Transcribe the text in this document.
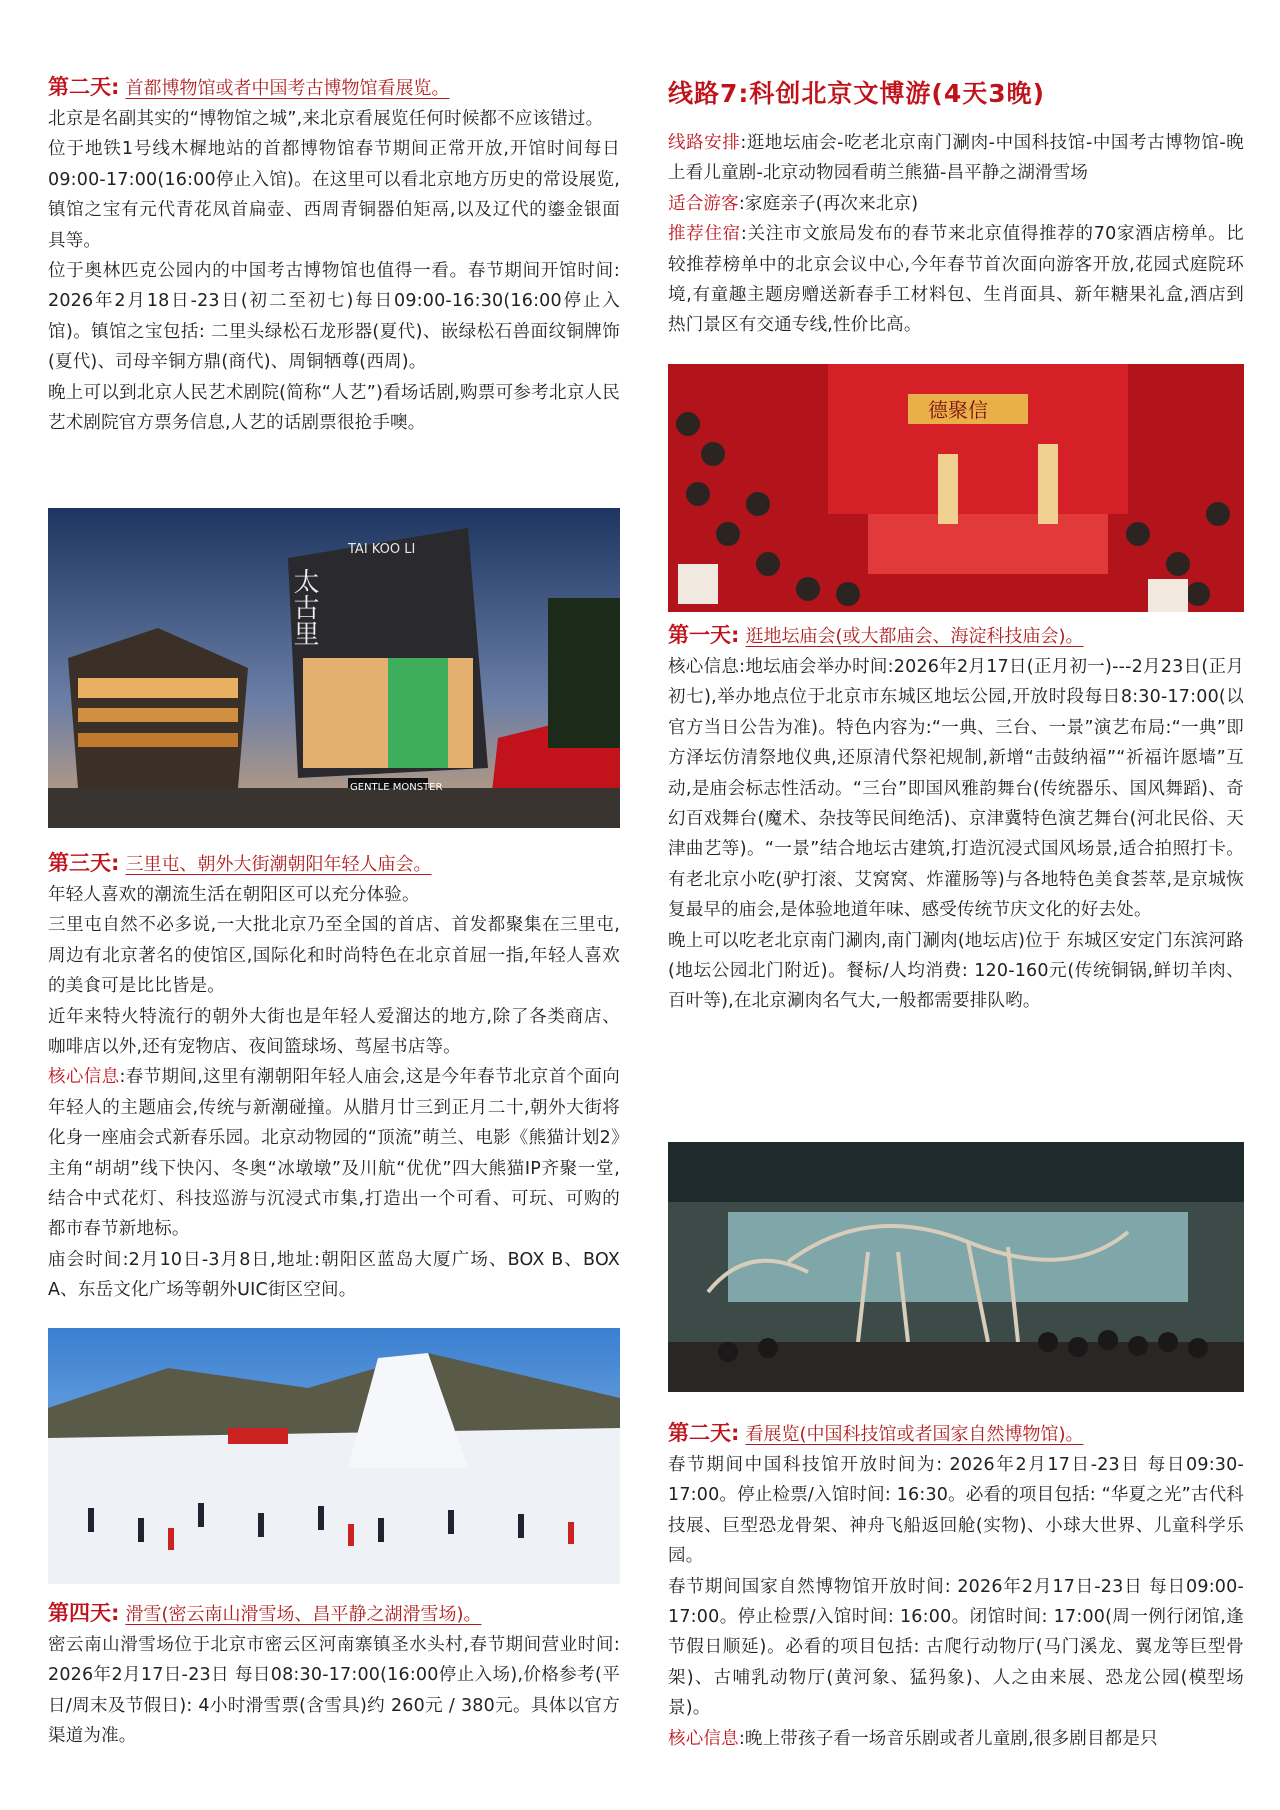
第二天: 首都博物馆或者中国考古博物馆看展览。

北京是名副其实的“博物馆之城”,来北京看展览任何时候都不应该错过。

位于地铁1号线木樨地站的首都博物馆春节期间正常开放,开馆时间每日09:00-17:00(16:00停止入馆)。在这里可以看北京地方历史的常设展览,镇馆之宝有元代青花凤首扁壶、西周青铜器伯矩鬲,以及辽代的鎏金银面具等。

位于奥林匹克公园内的中国考古博物馆也值得一看。春节期间开馆时间: 2026年2月18日-23日(初二至初七)每日09:00-16:30(16:00停止入馆)。镇馆之宝包括: 二里头绿松石龙形器(夏代)、嵌绿松石兽面纹铜牌饰(夏代)、司母辛铜方鼎(商代)、周铜牺尊(西周)。

晚上可以到北京人民艺术剧院(简称“人艺”)看场话剧,购票可参考北京人民艺术剧院官方票务信息,人艺的话剧票很抢手噢。

太古里
TAI KOO LI
GENTLE MONSTER

第三天: 三里屯、朝外大街潮朝阳年轻人庙会。

年轻人喜欢的潮流生活在朝阳区可以充分体验。

三里屯自然不必多说,一大批北京乃至全国的首店、首发都聚集在三里屯,周边有北京著名的使馆区,国际化和时尚特色在北京首屈一指,年轻人喜欢的美食可是比比皆是。

近年来特火特流行的朝外大街也是年轻人爱溜达的地方,除了各类商店、咖啡店以外,还有宠物店、夜间篮球场、茑屋书店等。

核心信息:春节期间,这里有潮朝阳年轻人庙会,这是今年春节北京首个面向年轻人的主题庙会,传统与新潮碰撞。从腊月廿三到正月二十,朝外大街将化身一座庙会式新春乐园。北京动物园的“顶流”萌兰、电影《熊猫计划2》主角“胡胡”线下快闪、冬奥“冰墩墩”及川航“优优”四大熊猫IP齐聚一堂,结合中式花灯、科技巡游与沉浸式市集,打造出一个可看、可玩、可购的都市春节新地标。

庙会时间:2月10日-3月8日,地址:朝阳区蓝岛大厦广场、BOX B、BOX A、东岳文化广场等朝外UIC街区空间。

第四天: 滑雪(密云南山滑雪场、昌平静之湖滑雪场)。

密云南山滑雪场位于北京市密云区河南寨镇圣水头村,春节期间营业时间: 2026年2月17日-23日 每日08:30-17:00(16:00停止入场),价格参考(平日/周末及节假日): 4小时滑雪票(含雪具)约 260元 / 380元。具体以官方渠道为准。

线路7:科创北京文博游(4天3晚)

线路安排:逛地坛庙会-吃老北京南门涮肉-中国科技馆-中国考古博物馆-晚上看儿童剧-北京动物园看萌兰熊猫-昌平静之湖滑雪场

适合游客:家庭亲子(再次来北京)

推荐住宿:关注市文旅局发布的春节来北京值得推荐的70家酒店榜单。比较推荐榜单中的北京会议中心,今年春节首次面向游客开放,花园式庭院环境,有童趣主题房赠送新春手工材料包、生肖面具、新年糖果礼盒,酒店到热门景区有交通专线,性价比高。

德聚信

第一天: 逛地坛庙会(或大都庙会、海淀科技庙会)。

核心信息:地坛庙会举办时间:2026年2月17日(正月初一)---2月23日(正月初七),举办地点位于北京市东城区地坛公园,开放时段每日8:30-17:00(以官方当日公告为准)。特色内容为:“一典、三台、一景”演艺布局:“一典”即方泽坛仿清祭地仪典,还原清代祭祀规制,新增“击鼓纳福”“祈福许愿墙”互动,是庙会标志性活动。“三台”即国风雅韵舞台(传统器乐、国风舞蹈)、奇幻百戏舞台(魔术、杂技等民间绝活)、京津冀特色演艺舞台(河北民俗、天津曲艺等)。“一景”结合地坛古建筑,打造沉浸式国风场景,适合拍照打卡。有老北京小吃(驴打滚、艾窝窝、炸灌肠等)与各地特色美食荟萃,是京城恢复最早的庙会,是体验地道年味、感受传统节庆文化的好去处。

晚上可以吃老北京南门涮肉,南门涮肉(地坛店)位于 东城区安定门东滨河路(地坛公园北门附近)。餐标/人均消费: 120-160元(传统铜锅,鲜切羊肉、百叶等),在北京涮肉名气大,一般都需要排队哟。

第二天: 看展览(中国科技馆或者国家自然博物馆)。

春节期间中国科技馆开放时间为: 2026年2月17日-23日 每日09:30-17:00。停止检票/入馆时间: 16:30。必看的项目包括: “华夏之光”古代科技展、巨型恐龙骨架、神舟飞船返回舱(实物)、小球大世界、儿童科学乐园。

春节期间国家自然博物馆开放时间: 2026年2月17日-23日 每日09:00-17:00。停止检票/入馆时间: 16:00。闭馆时间: 17:00(周一例行闭馆,逢节假日顺延)。必看的项目包括: 古爬行动物厅(马门溪龙、翼龙等巨型骨架)、古哺乳动物厅(黄河象、猛犸象)、人之由来展、恐龙公园(模型场景)。

核心信息:晚上带孩子看一场音乐剧或者儿童剧,很多剧目都是只
